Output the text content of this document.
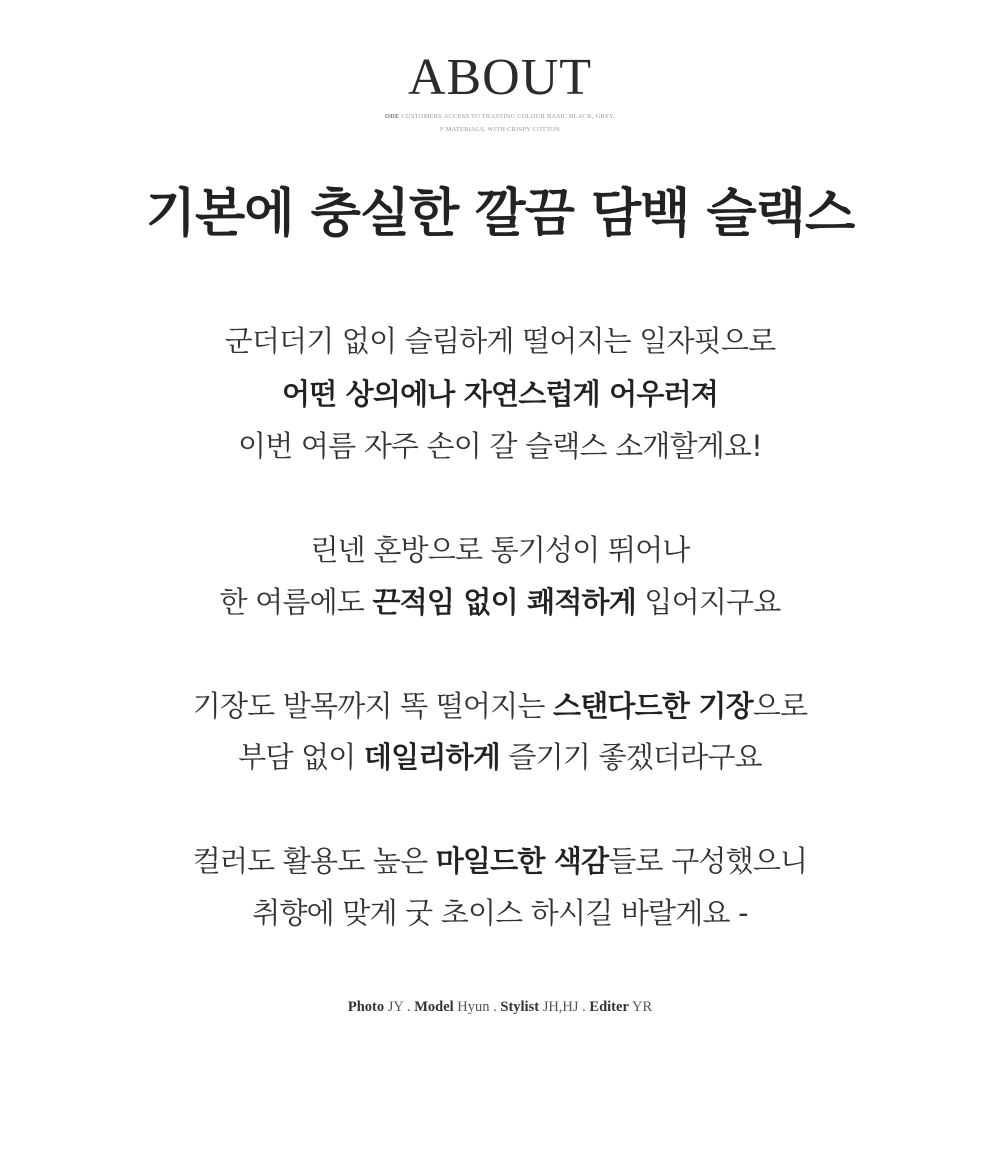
ABOUT
ODE CUSTOMERS ACCESS TO TRASTING COLOUR BASIC BLACK, GREY,
F MATERIALS, WITH CRISPY COTTON
기본에 충실한 깔끔 담백 슬랙스
군더더기 없이 슬림하게 떨어지는 일자핏으로
어떤 상의에나 자연스럽게 어우러져
이번 여름 자주 손이 갈 슬랙스 소개할게요!
린넨 혼방으로 통기성이 뛰어나
한 여름에도 끈적임 없이 쾌적하게 입어지구요
기장도 발목까지 똑 떨어지는 스탠다드한 기장으로
부담 없이 데일리하게 즐기기 좋겠더라구요
컬러도 활용도 높은 마일드한 색감들로 구성했으니
취향에 맞게 굿 초이스 하시길 바랄게요 -
Photo JY . Model Hyun . Stylist JH,HJ . Editer YR
